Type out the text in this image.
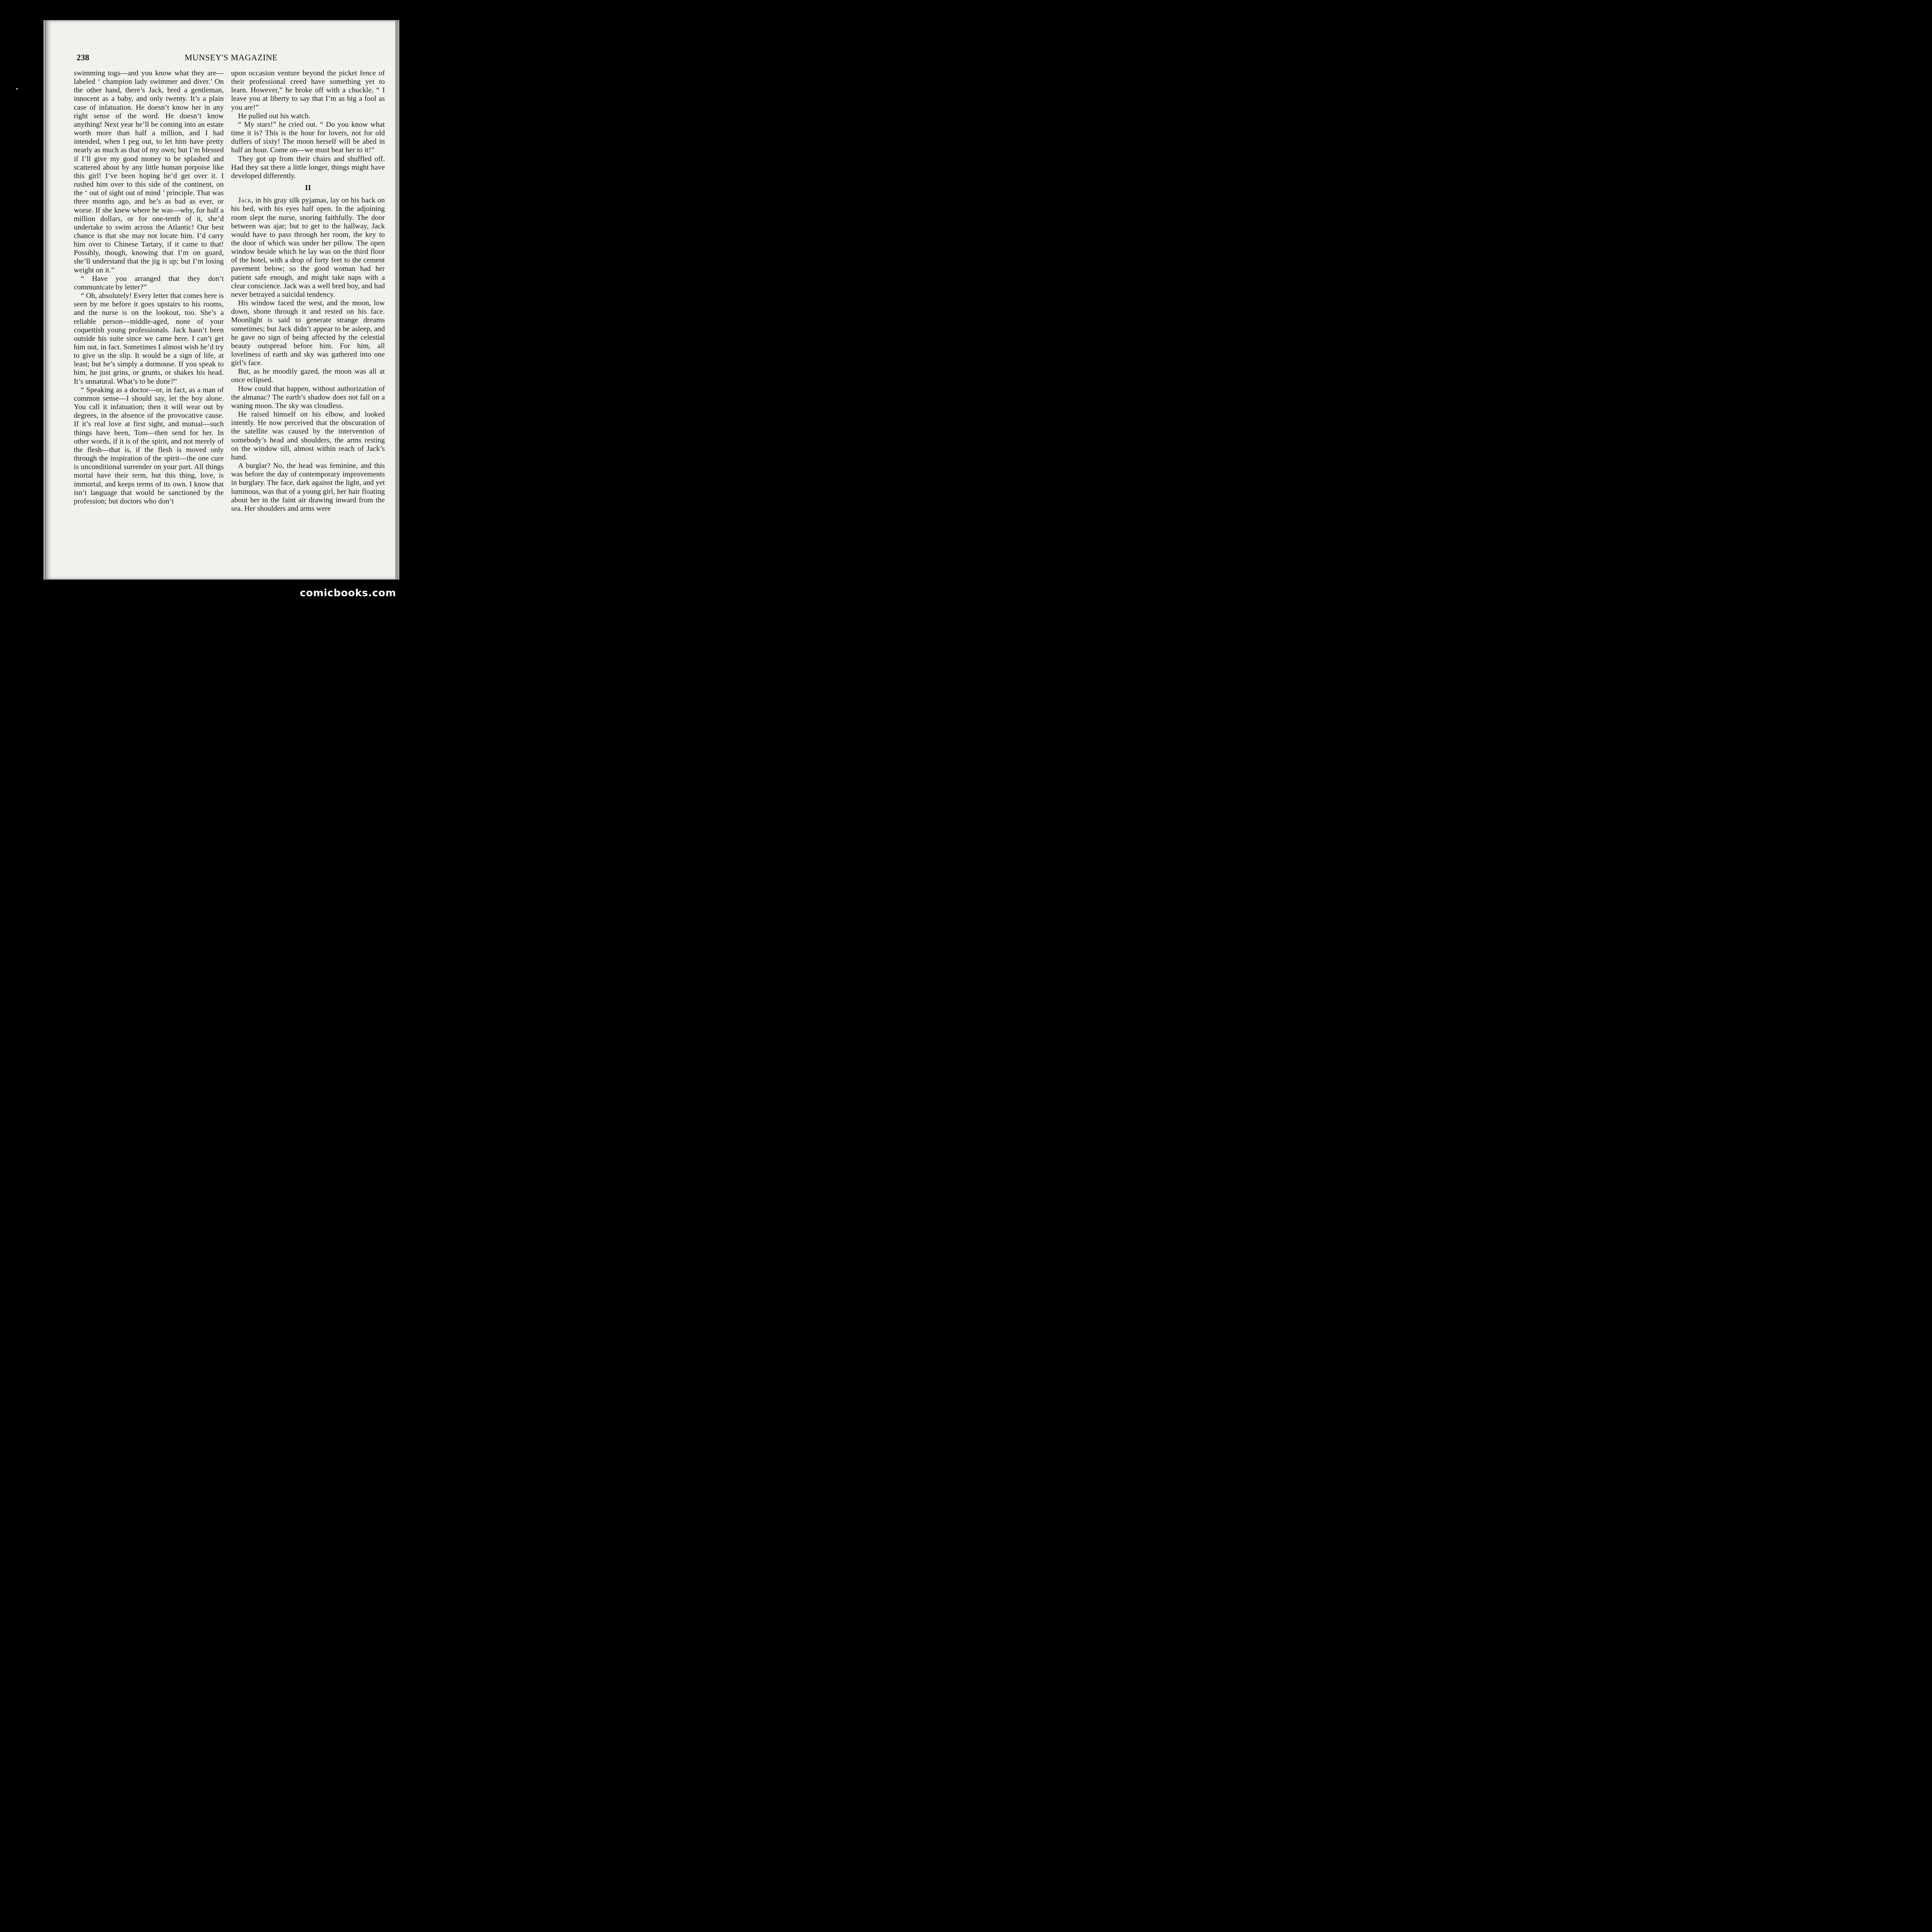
238	MUNSEY'S MAGAZINE

swimming togs—and you know what they are—labeled ‘ champion lady swimmer and diver.’ On the other hand, there’s Jack, bred a gentleman, innocent as a baby, and only twenty. It’s a plain case of infatuation. He doesn’t know her in any right sense of the word. He doesn’t know anything! Next year he’ll be coming into an estate worth more than half a million, and I had intended, when I peg out, to let him have pretty nearly as much as that of my own; but I’m blessed if I’ll give my good money to be splashed and scattered about by any little human porpoise like this girl! I’ve been hoping he’d get over it. I rushed him over to this side of the continent, on the ‘ out of sight out of mind ’ principle. That was three months ago, and he’s as bad as ever, or worse. If she knew where he was—why, for half a million dollars, or for one-tenth of it, she’d undertake to swim across the Atlantic! Our best chance is that she may not locate him. I’d carry him over to Chinese Tartary, if it came to that! Possibly, though, knowing that I’m on guard, she’ll understand that the jig is up; but I’m losing weight on it.”

“ Have you arranged that they don’t communicate by letter?”

“ Oh, absolutely! Every letter that comes here is seen by me before it goes upstairs to his rooms, and the nurse is on the lookout, too. She’s a reliable person—middle-aged, none of your coquettish young professionals. Jack hasn’t been outside his suite since we came here. I can’t get him out, in fact. Sometimes I almost wish he’d try to give us the slip. It would be a sign of life, at least; but he’s simply a dormouse. If you speak to him, he just grins, or grunts, or shakes his head. It’s unnatural. What’s to be done?”

“ Speaking as a doctor—or, in fact, as a man of common sense—I should say, let the boy alone. You call it infatuation; then it will wear out by degrees, in the absence of the provocative cause. If it’s real love at first sight, and mutual—such things have been, Tom—then send for her. In other words, if it is of the spirit, and not merely of the flesh—that is, if the flesh is moved only through the inspiration of the spirit—the one cure is unconditional surrender on your part. All things mortal have their term, but this thing, love, is immortal, and keeps terms of its own. I know that isn’t language that would be sanctioned by the profession; but doctors who don’t

upon occasion venture beyond the picket fence of their professional creed have something yet to learn. However,” he broke off with a chuckle, “ I leave you at liberty to say that I’m as big a fool as you are!”

He pulled out his watch.

“ My stars!” he cried out. “ Do you know what time it is? This is the hour for lovers, not for old duffers of sixty! The moon herself will be abed in half an hour. Come on—we must beat her to it!”

They got up from their chairs and shuffled off. Had they sat there a little longer, things might have developed differently.

II

Jack, in his gray silk pyjamas, lay on his back on his bed, with his eyes half open. In the adjoining room slept the nurse, snoring faithfully. The door between was ajar; but to get to the hallway, Jack would have to pass through her room, the key to the door of which was under her pillow. The open window beside which he lay was on the third floor of the hotel, with a drop of forty feet to the cement pavement below; so the good woman had her patient safe enough, and might take naps with a clear conscience. Jack was a well bred boy, and had never betrayed a suicidal tendency.

His window faced the west, and the moon, low down, shone through it and rested on his face. Moonlight is said to generate strange dreams sometimes; but Jack didn’t appear to be asleep, and he gave no sign of being affected by the celestial beauty outspread before him. For him, all loveliness of earth and sky was gathered into one girl’s face.

But, as he moodily gazed, the moon was all at once eclipsed.

How could that happen, without authorization of the almanac? The earth’s shadow does not fall on a waning moon. The sky was cloudless.

He raised himself on his elbow, and looked intently. He now perceived that the obscuration of the satellite was caused by the intervention of somebody’s head and shoulders, the arms resting on the window sill, almost within reach of Jack’s hand.

A burglar? No, the head was feminine, and this was before the day of contemporary improvements in burglary. The face, dark against the light, and yet luminous, was that of a young girl, her hair floating about her in the faint air drawing inward from the sea. Her shoulders and arms were

comicbooks.com
